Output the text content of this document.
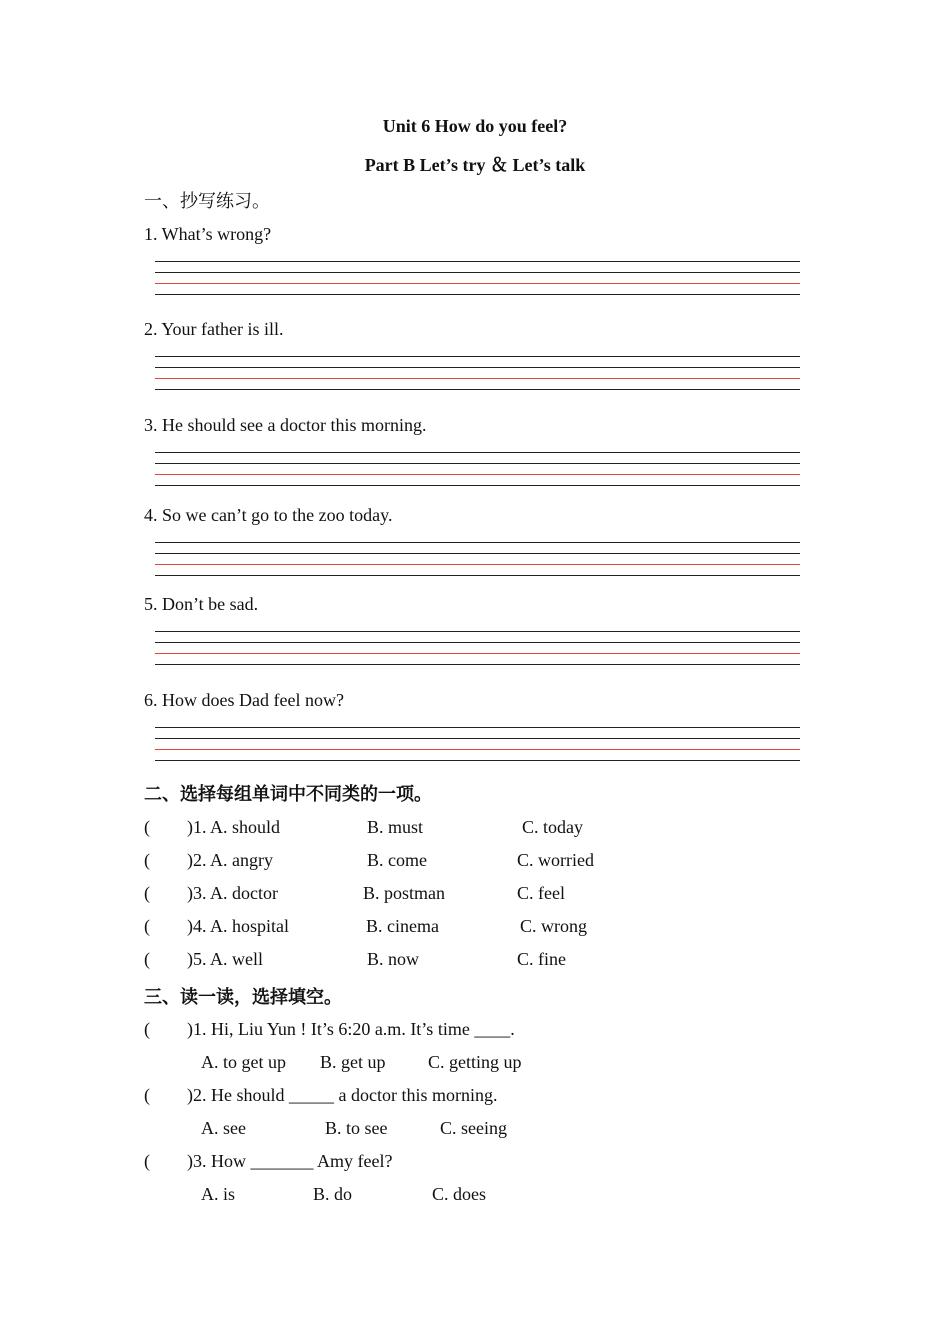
Unit 6 How do you feel?
Part B Let’s try ＆ Let’s talk
一、抄写练习。
1. What’s wrong?
2. Your father is ill.
3. He should see a doctor this morning.
4. So we can’t go to the zoo today.
5. Don’t be sad.
6. How does Dad feel now?
二、选择每组单词中不同类的一项。
( )1. A. should	B. must	C. today
( )2. A. angry	B. come	C. worried
( )3. A. doctor	B. postman	C. feel
( )4. A. hospital	B. cinema	C. wrong
( )5. A. well	B. now	C. fine
三、读一读，选择填空。
( )1. Hi, Liu Yun ! It’s 6:20 a.m. It’s time ____.
A. to get up B. get up C. getting up
( )2. He should _____ a doctor this morning.
A. see	B. to see	C. seeing
( )3. How _______ Amy feel?
A. is	B. do	C. does
